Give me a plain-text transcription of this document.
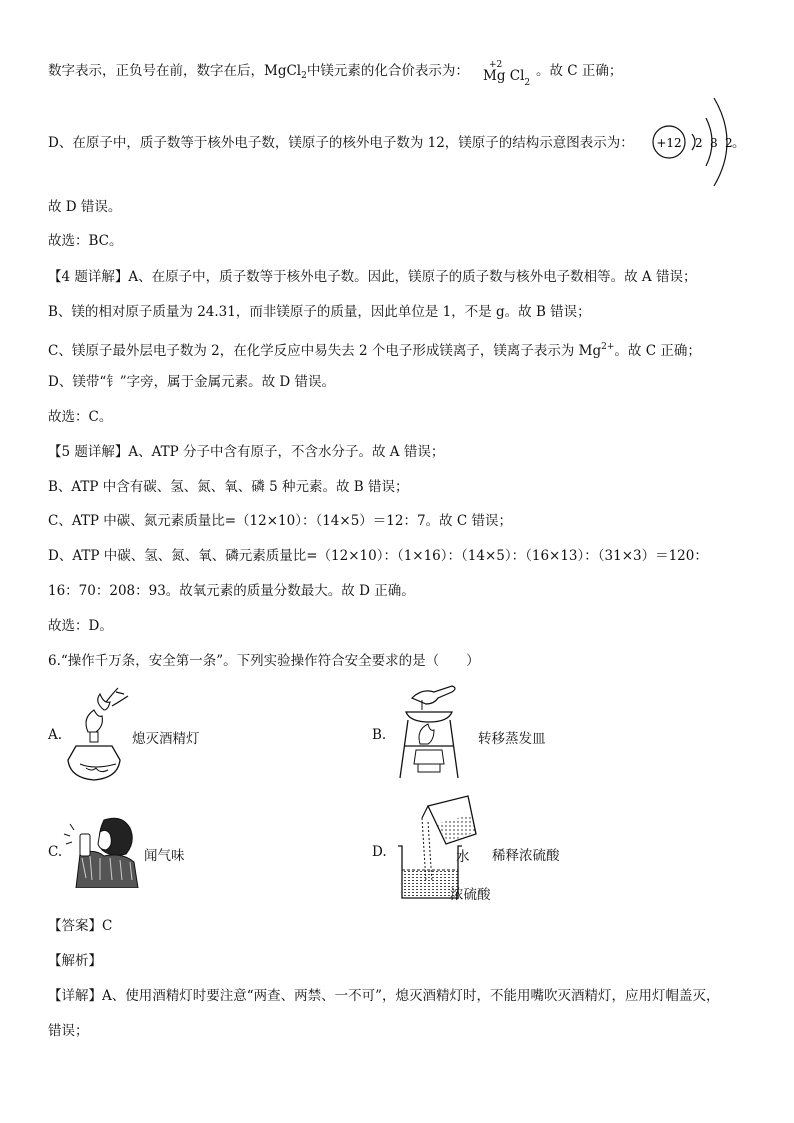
数字表示，正负号在前，数字在后，MgCl$_2$中镁元素的化合价表示为： +2
Mg $Cl_2$
。故 C 正确；
D、在原子中，质子数等于核外电子数，镁原子的核外电子数为 12，镁原子的结构示意图表示为： +12 2 8 2 。
故 D 错误。
故选：BC。
【4 题详解】A、在原子中，质子数等于核外电子数。因此，镁原子的质子数与核外电子数相等。故 A 错误；
B、镁的相对原子质量为 24.31，而非镁原子的质量，因此单位是 1，不是 g。故 B 错误；
C、镁原子最外层电子数为 2，在化学反应中易失去 2 个电子形成镁离子，镁离子表示为 $Mg^{2+}$。故 C 正确；
D、镁带“钅”字旁，属于金属元素。故 D 错误。
故选：C。
【5 题详解】A、ATP 分子中含有原子，不含水分子。故 A 错误；
B、ATP 中含有碳、氢、氮、氧、磷 5 种元素。故 B 错误；
C、ATP 中碳、氮元素质量比=（12×10）：（14×5）＝12：7。故 C 错误；
D、ATP 中碳、氢、氮、氧、磷元素质量比=（12×10）：（1×16）：（14×5）：（16×13）：（31×3）＝120：
16：70：208：93。故氧元素的质量分数最大。故 D 正确。
故选：D。
6.“操作千万条，安全第一条”。下列实验操作符合安全要求的是（　　）
A.	熄灭酒精灯	B.	转移蒸发皿
C.	闻气味	D.	水
浓硫酸
稀释浓硫酸
【答案】C
【解析】
【详解】A、使用酒精灯时要注意“两查、两禁、一不可”，熄灭酒精灯时，不能用嘴吹灭酒精灯，应用灯帽盖灭，
错误；
